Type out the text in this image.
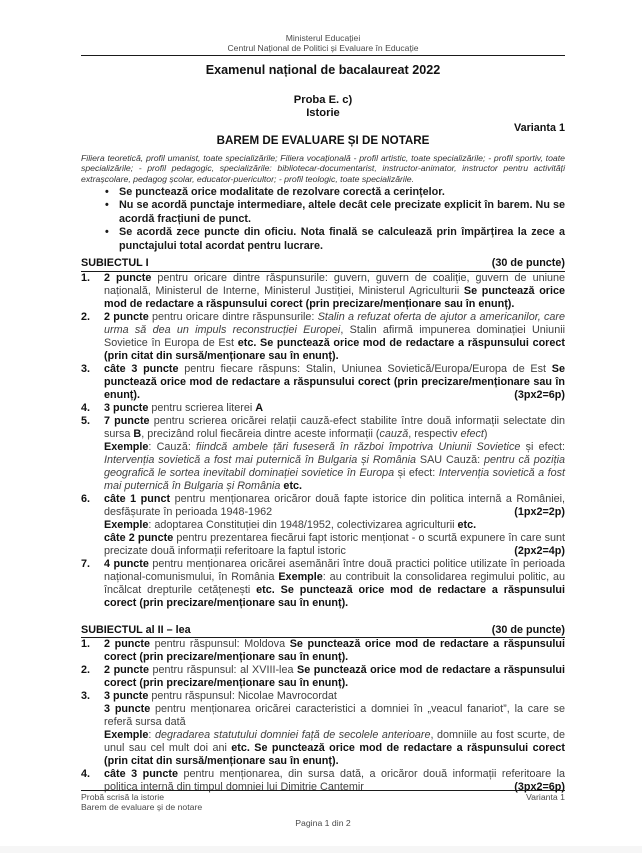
Ministerul Educației
Centrul Național de Politici și Evaluare în Educație
Examenul național de bacalaureat 2022
Proba E. c)
Istorie
Varianta 1
BAREM DE EVALUARE ȘI DE NOTARE
Filiera teoretică, profil umanist, toate specializările; Filiera vocațională - profil artistic, toate specializările; - profil sportiv, toate specializările; - profil pedagogic, specializările: bibliotecar-documentarist, instructor-animator, instructor pentru activități extrașcolare, pedagog școlar, educator-puericultor; - profil teologic, toate specializările.
• Se punctează orice modalitate de rezolvare corectă a cerințelor.
• Nu se acordă punctaje intermediare, altele decât cele precizate explicit în barem. Nu se acordă fracțiuni de punct.
• Se acordă zece puncte din oficiu. Nota finală se calculează prin împărțirea la zece a punctajului total acordat pentru lucrare.
SUBIECTUL I	(30 de puncte)
1.	2 puncte pentru oricare dintre răspunsurile: guvern, guvern de coaliție, guvern de uniune națională, Ministerul de Interne, Ministerul Justiției, Ministerul Agriculturii Se punctează orice mod de redactare a răspunsului corect (prin precizare/menționare sau în enunț).
2.	2 puncte pentru oricare dintre răspunsurile: Stalin a refuzat oferta de ajutor a americanilor, care urma să dea un impuls reconstrucției Europei, Stalin afirmă impunerea dominației Uniunii Sovietice în Europa de Est etc. Se punctează orice mod de redactare a răspunsului corect (prin citat din sursă/menționare sau în enunț).
3.	câte 3 puncte pentru fiecare răspuns: Stalin, Uniunea Sovietică/Europa/Europa de Est Se punctează orice mod de redactare a răspunsului corect (prin precizare/menționare sau în enunț).	(3px2=6p)
4.	3 puncte pentru scrierea literei A
5.	7 puncte pentru scrierea oricărei relații cauză-efect stabilite între două informații selectate din sursa B, precizând rolul fiecăreia dintre aceste informații (cauză, respectiv efect)
Exemple: Cauză: fiindcă ambele țări fuseseră în război împotriva Uniunii Sovietice și efect: Intervenția sovietică a fost mai puternică în Bulgaria și România SAU Cauză: pentru că poziția geografică le sortea inevitabil dominației sovietice în Europa și efect: Intervenția sovietică a fost mai puternică în Bulgaria și România etc.
6.	câte 1 punct pentru menționarea oricăror două fapte istorice din politica internă a României, desfășurate în perioada 1948-1962	(1px2=2p)
Exemple: adoptarea Constituției din 1948/1952, colectivizarea agriculturii etc.
câte 2 puncte pentru prezentarea fiecărui fapt istoric menționat - o scurtă expunere în care sunt precizate două informații referitoare la faptul istoric	(2px2=4p)
7.	4 puncte pentru menționarea oricărei asemănări între două practici politice utilizate în perioada național-comunismului, în România Exemple: au contribuit la consolidarea regimului politic, au încălcat drepturile cetățenești etc. Se punctează orice mod de redactare a răspunsului corect (prin precizare/menționare sau în enunț).
SUBIECTUL al II – lea	(30 de puncte)
1.	2 puncte pentru răspunsul: Moldova Se punctează orice mod de redactare a răspunsului corect (prin precizare/menționare sau în enunț).
2.	2 puncte pentru răspunsul: al XVIII-lea Se punctează orice mod de redactare a răspunsului corect (prin precizare/menționare sau în enunț).
3.	3 puncte pentru răspunsul: Nicolae Mavrocordat
3 puncte pentru menționarea oricărei caracteristici a domniei în „veacul fanariot”, la care se referă sursa dată
Exemple: degradarea statutului domniei față de secolele anterioare, domniile au fost scurte, de unul sau cel mult doi ani etc. Se punctează orice mod de redactare a răspunsului corect (prin citat din sursă/menționare sau în enunț).
4.	câte 3 puncte pentru menționarea, din sursa dată, a oricăror două informații referitoare la politica internă din timpul domniei lui Dimitrie Cantemir	(3px2=6p)
Probă scrisă la istorie	Varianta 1
Barem de evaluare și de notare
Pagina 1 din 2
